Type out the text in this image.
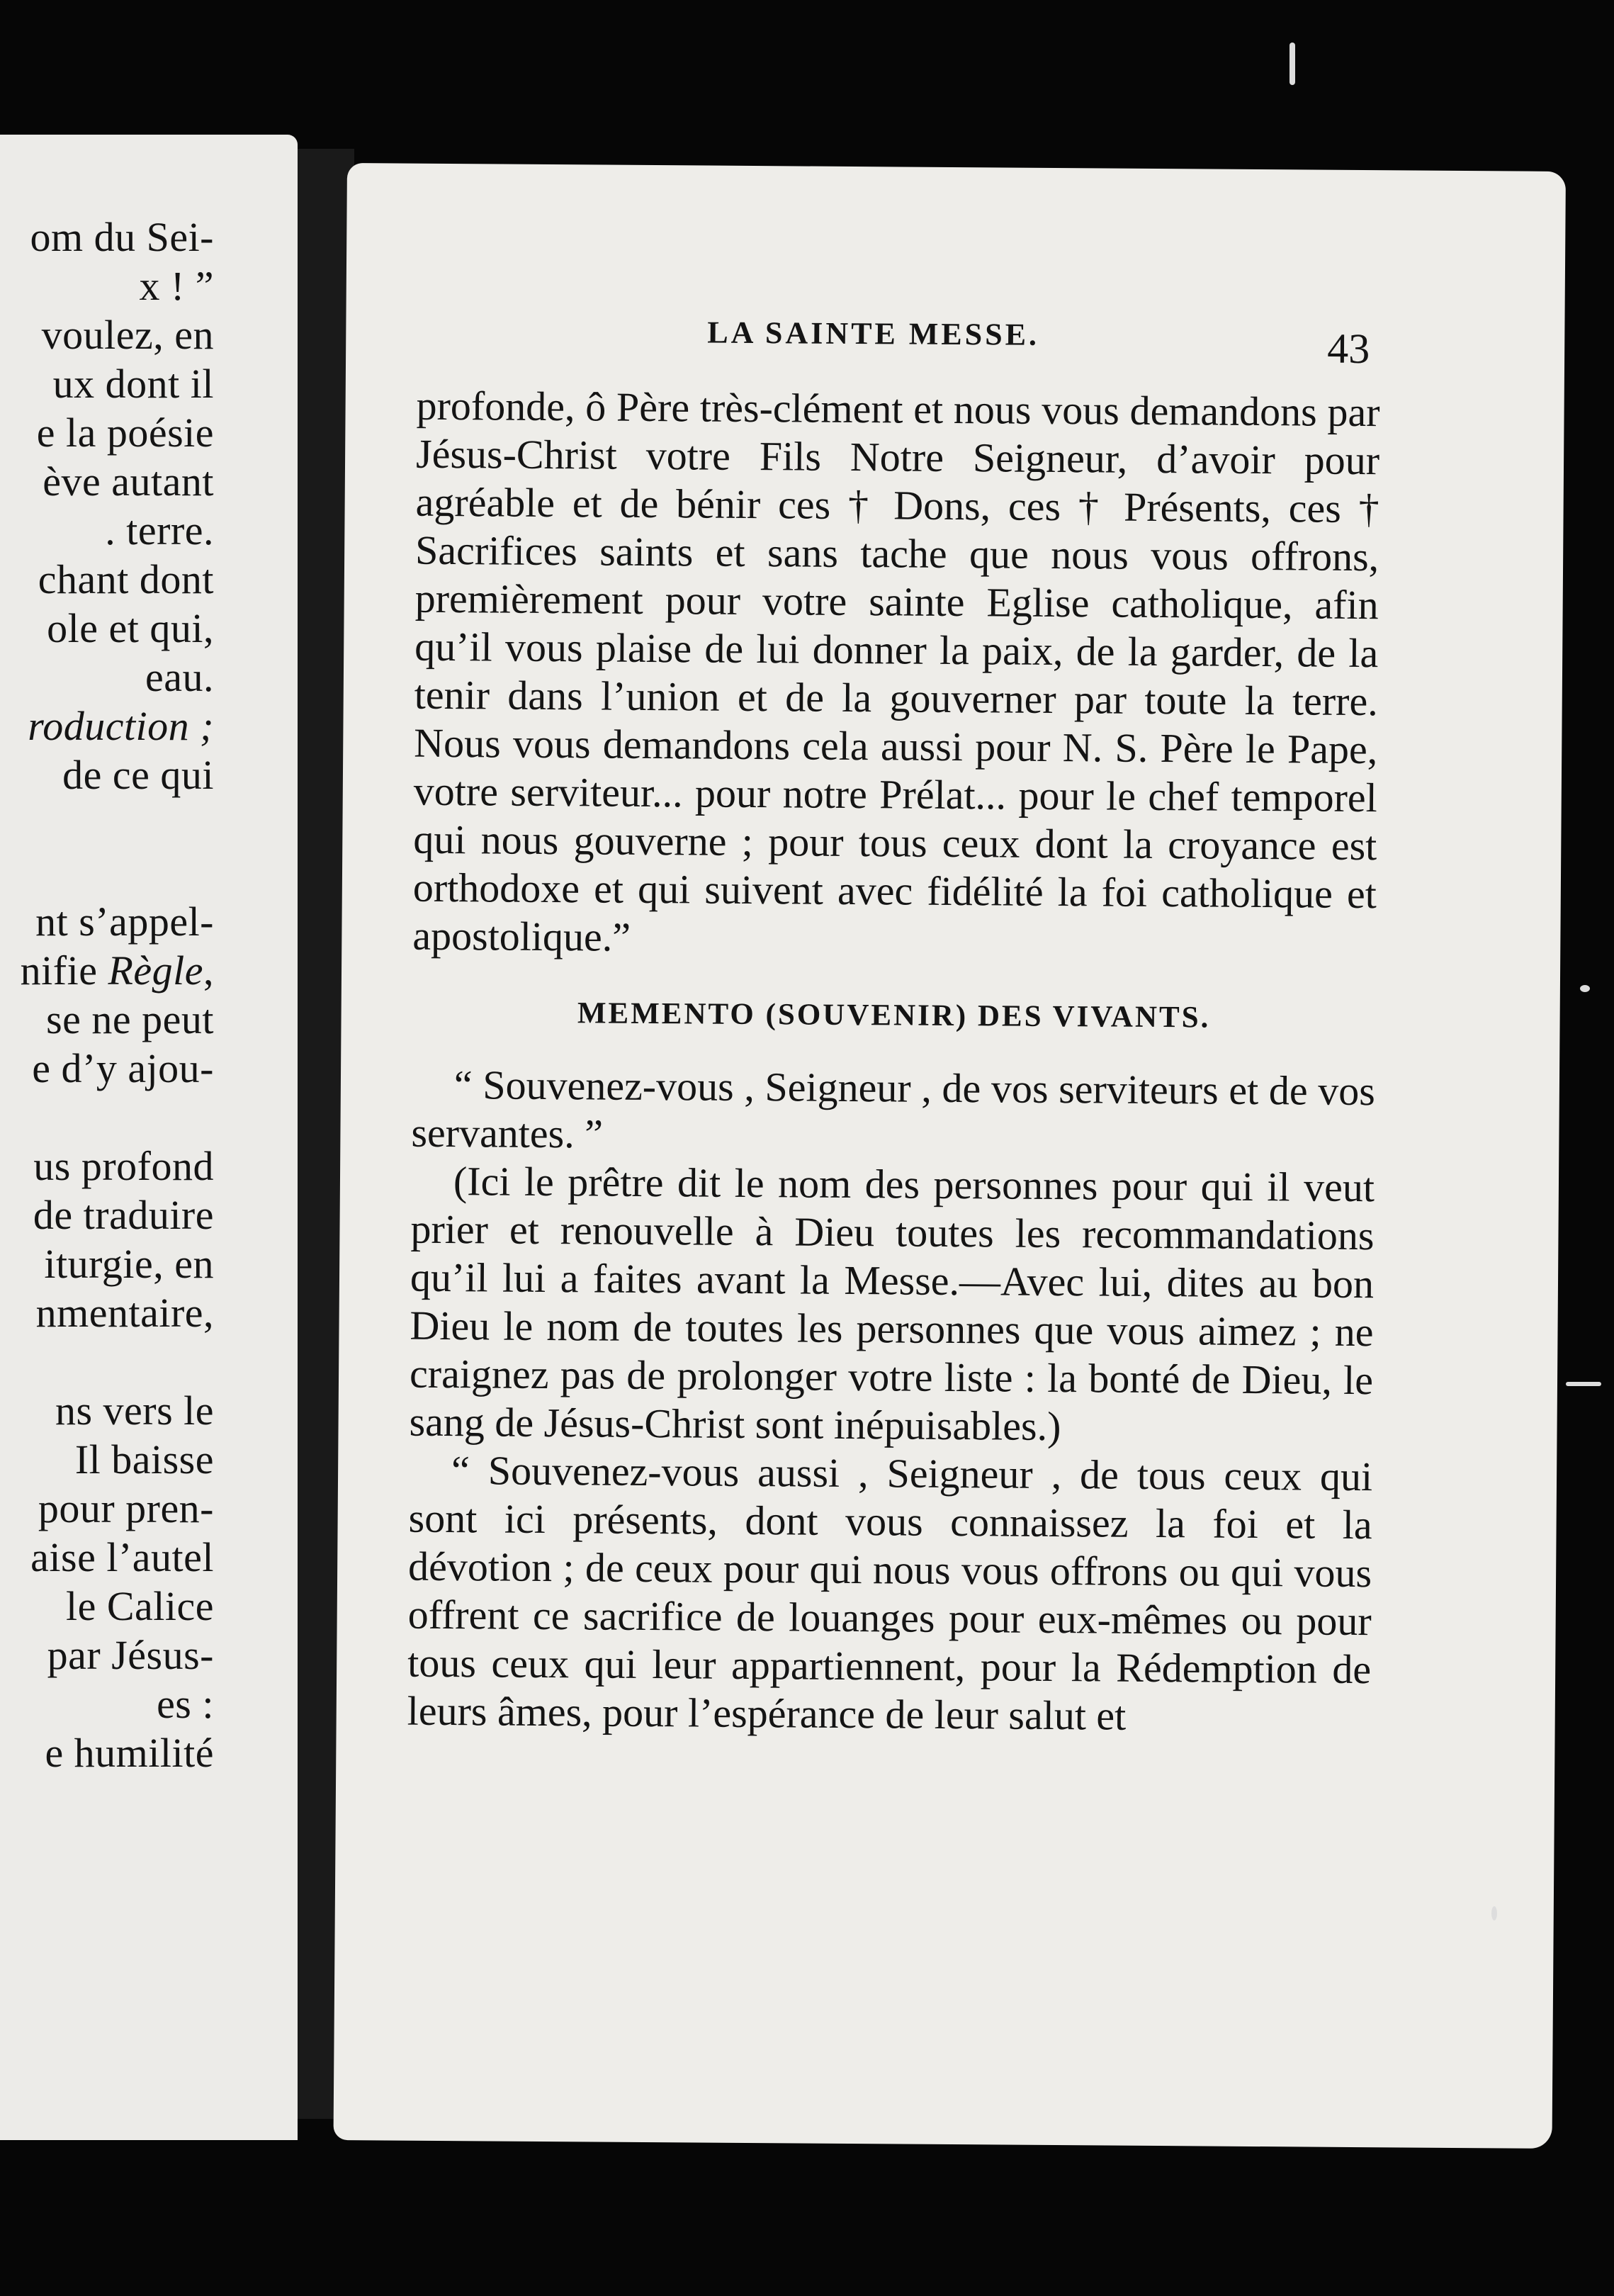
om du Sei-
x ! ”
voulez, en
ux dont il
e la poésie
ève autant
. terre.
chant dont
ole et qui,
eau.
roduction ;
de ce qui
nt s’appel-
nifie Règle,
se ne peut
e d’y ajou-
us profond
de traduire
iturgie, en
nmentaire,
ns vers le
Il baisse
pour pren-
aise l’autel
le Calice
par Jésus-
es :
e humilité
LA SAINTE MESSE.	43

profonde, ô Père très-clément et nous vous demandons par Jésus-Christ votre Fils Notre Seigneur, d’avoir pour agréable et de bénir ces † Dons, ces † Présents, ces † Sacrifices saints et sans tache que nous vous offrons, premièrement pour votre sainte Eglise catholique, afin qu’il vous plaise de lui donner la paix, de la garder, de la tenir dans l’union et de la gouverner par toute la terre. Nous vous demandons cela aussi pour N. S. Père le Pape, votre serviteur... pour notre Prélat... pour le chef temporel qui nous gouverne ; pour tous ceux dont la croyance est orthodoxe et qui suivent avec fidélité la foi catholique et apostolique.”

MEMENTO (SOUVENIR) DES VIVANTS.

“ Souvenez-vous , Seigneur , de vos serviteurs et de vos servantes. ”

(Ici le prêtre dit le nom des personnes pour qui il veut prier et renouvelle à Dieu toutes les recommandations qu’il lui a faites avant la Messe.—Avec lui, dites au bon Dieu le nom de toutes les personnes que vous aimez ; ne craignez pas de prolonger votre liste : la bonté de Dieu, le sang de Jésus-Christ sont inépuisables.)

“ Souvenez-vous aussi , Seigneur , de tous ceux qui sont ici présents, dont vous connaissez la foi et la dévotion ; de ceux pour qui nous vous offrons ou qui vous offrent ce sacrifice de louanges pour eux-mêmes ou pour tous ceux qui leur appartiennent, pour la Rédemption de leurs âmes, pour l’espérance de leur salut et
